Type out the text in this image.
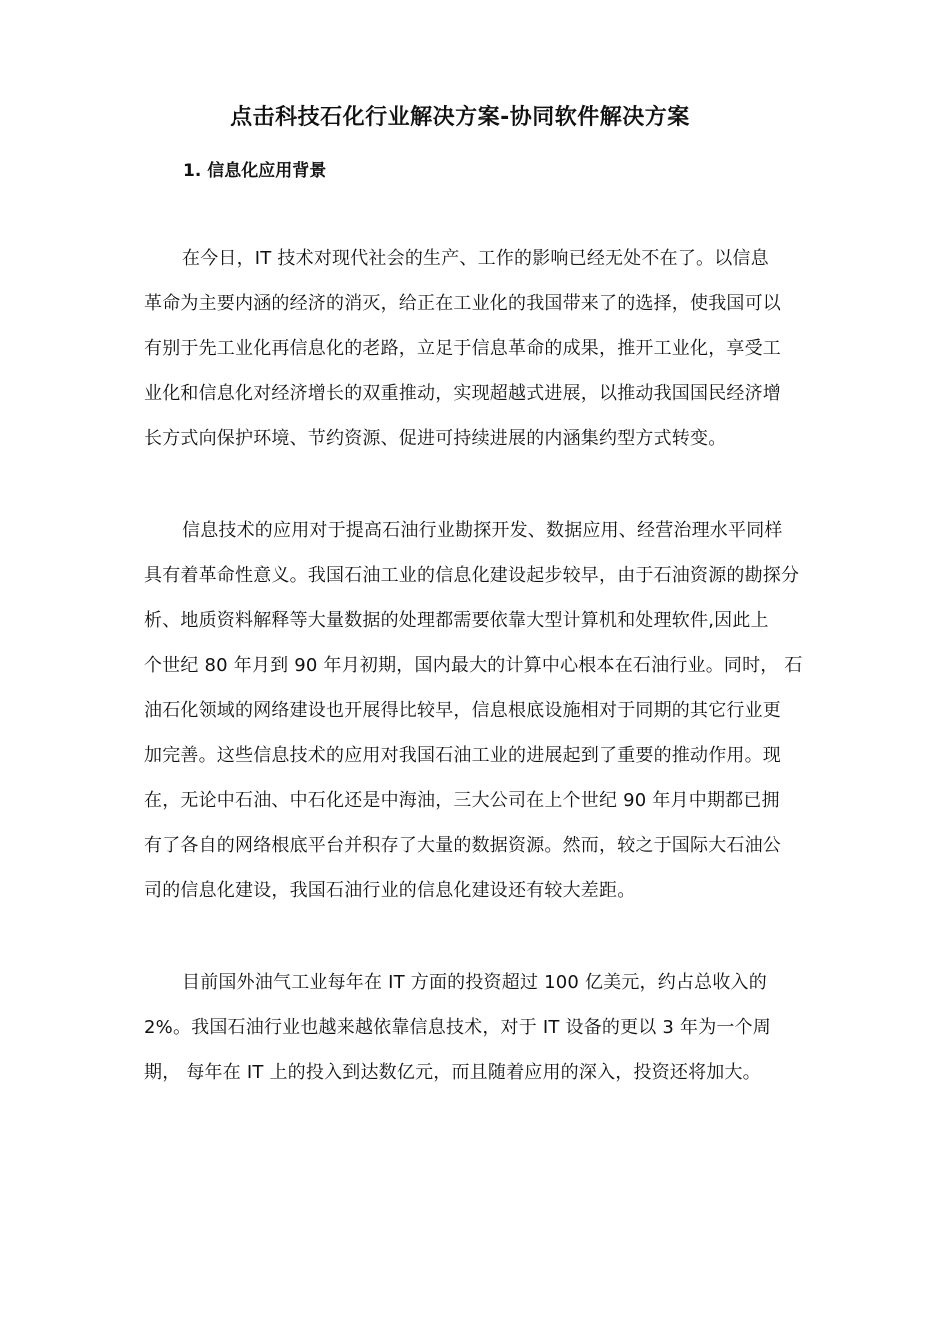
点击科技石化行业解决方案-协同软件解决方案
1. 信息化应用背景

在今日，IT 技术对现代社会的生产、工作的影响已经无处不在了。以信息
革命为主要内涵的经济的消灭，给正在工业化的我国带来了的选择，使我国可以
有别于先工业化再信息化的老路，立足于信息革命的成果，推开工业化，享受工
业化和信息化对经济增长的双重推动，实现超越式进展，以推动我国国民经济增
长方式向保护环境、节约资源、促进可持续进展的内涵集约型方式转变。

信息技术的应用对于提高石油行业勘探开发、数据应用、经营治理水平同样
具有着革命性意义。我国石油工业的信息化建设起步较早，由于石油资源的勘探分
析、地质资料解释等大量数据的处理都需要依靠大型计算机和处理软件,因此上
个世纪 80 年月到 90 年月初期，国内最大的计算中心根本在石油行业。同时， 石
油石化领域的网络建设也开展得比较早，信息根底设施相对于同期的其它行业更
加完善。这些信息技术的应用对我国石油工业的进展起到了重要的推动作用。现
在，无论中石油、中石化还是中海油，三大公司在上个世纪 90 年月中期都已拥
有了各自的网络根底平台并积存了大量的数据资源。然而，较之于国际大石油公
司的信息化建设，我国石油行业的信息化建设还有较大差距。

目前国外油气工业每年在 IT 方面的投资超过 100 亿美元，约占总收入的
2%。我国石油行业也越来越依靠信息技术，对于 IT 设备的更以 3 年为一个周
期， 每年在 IT 上的投入到达数亿元，而且随着应用的深入，投资还将加大。
